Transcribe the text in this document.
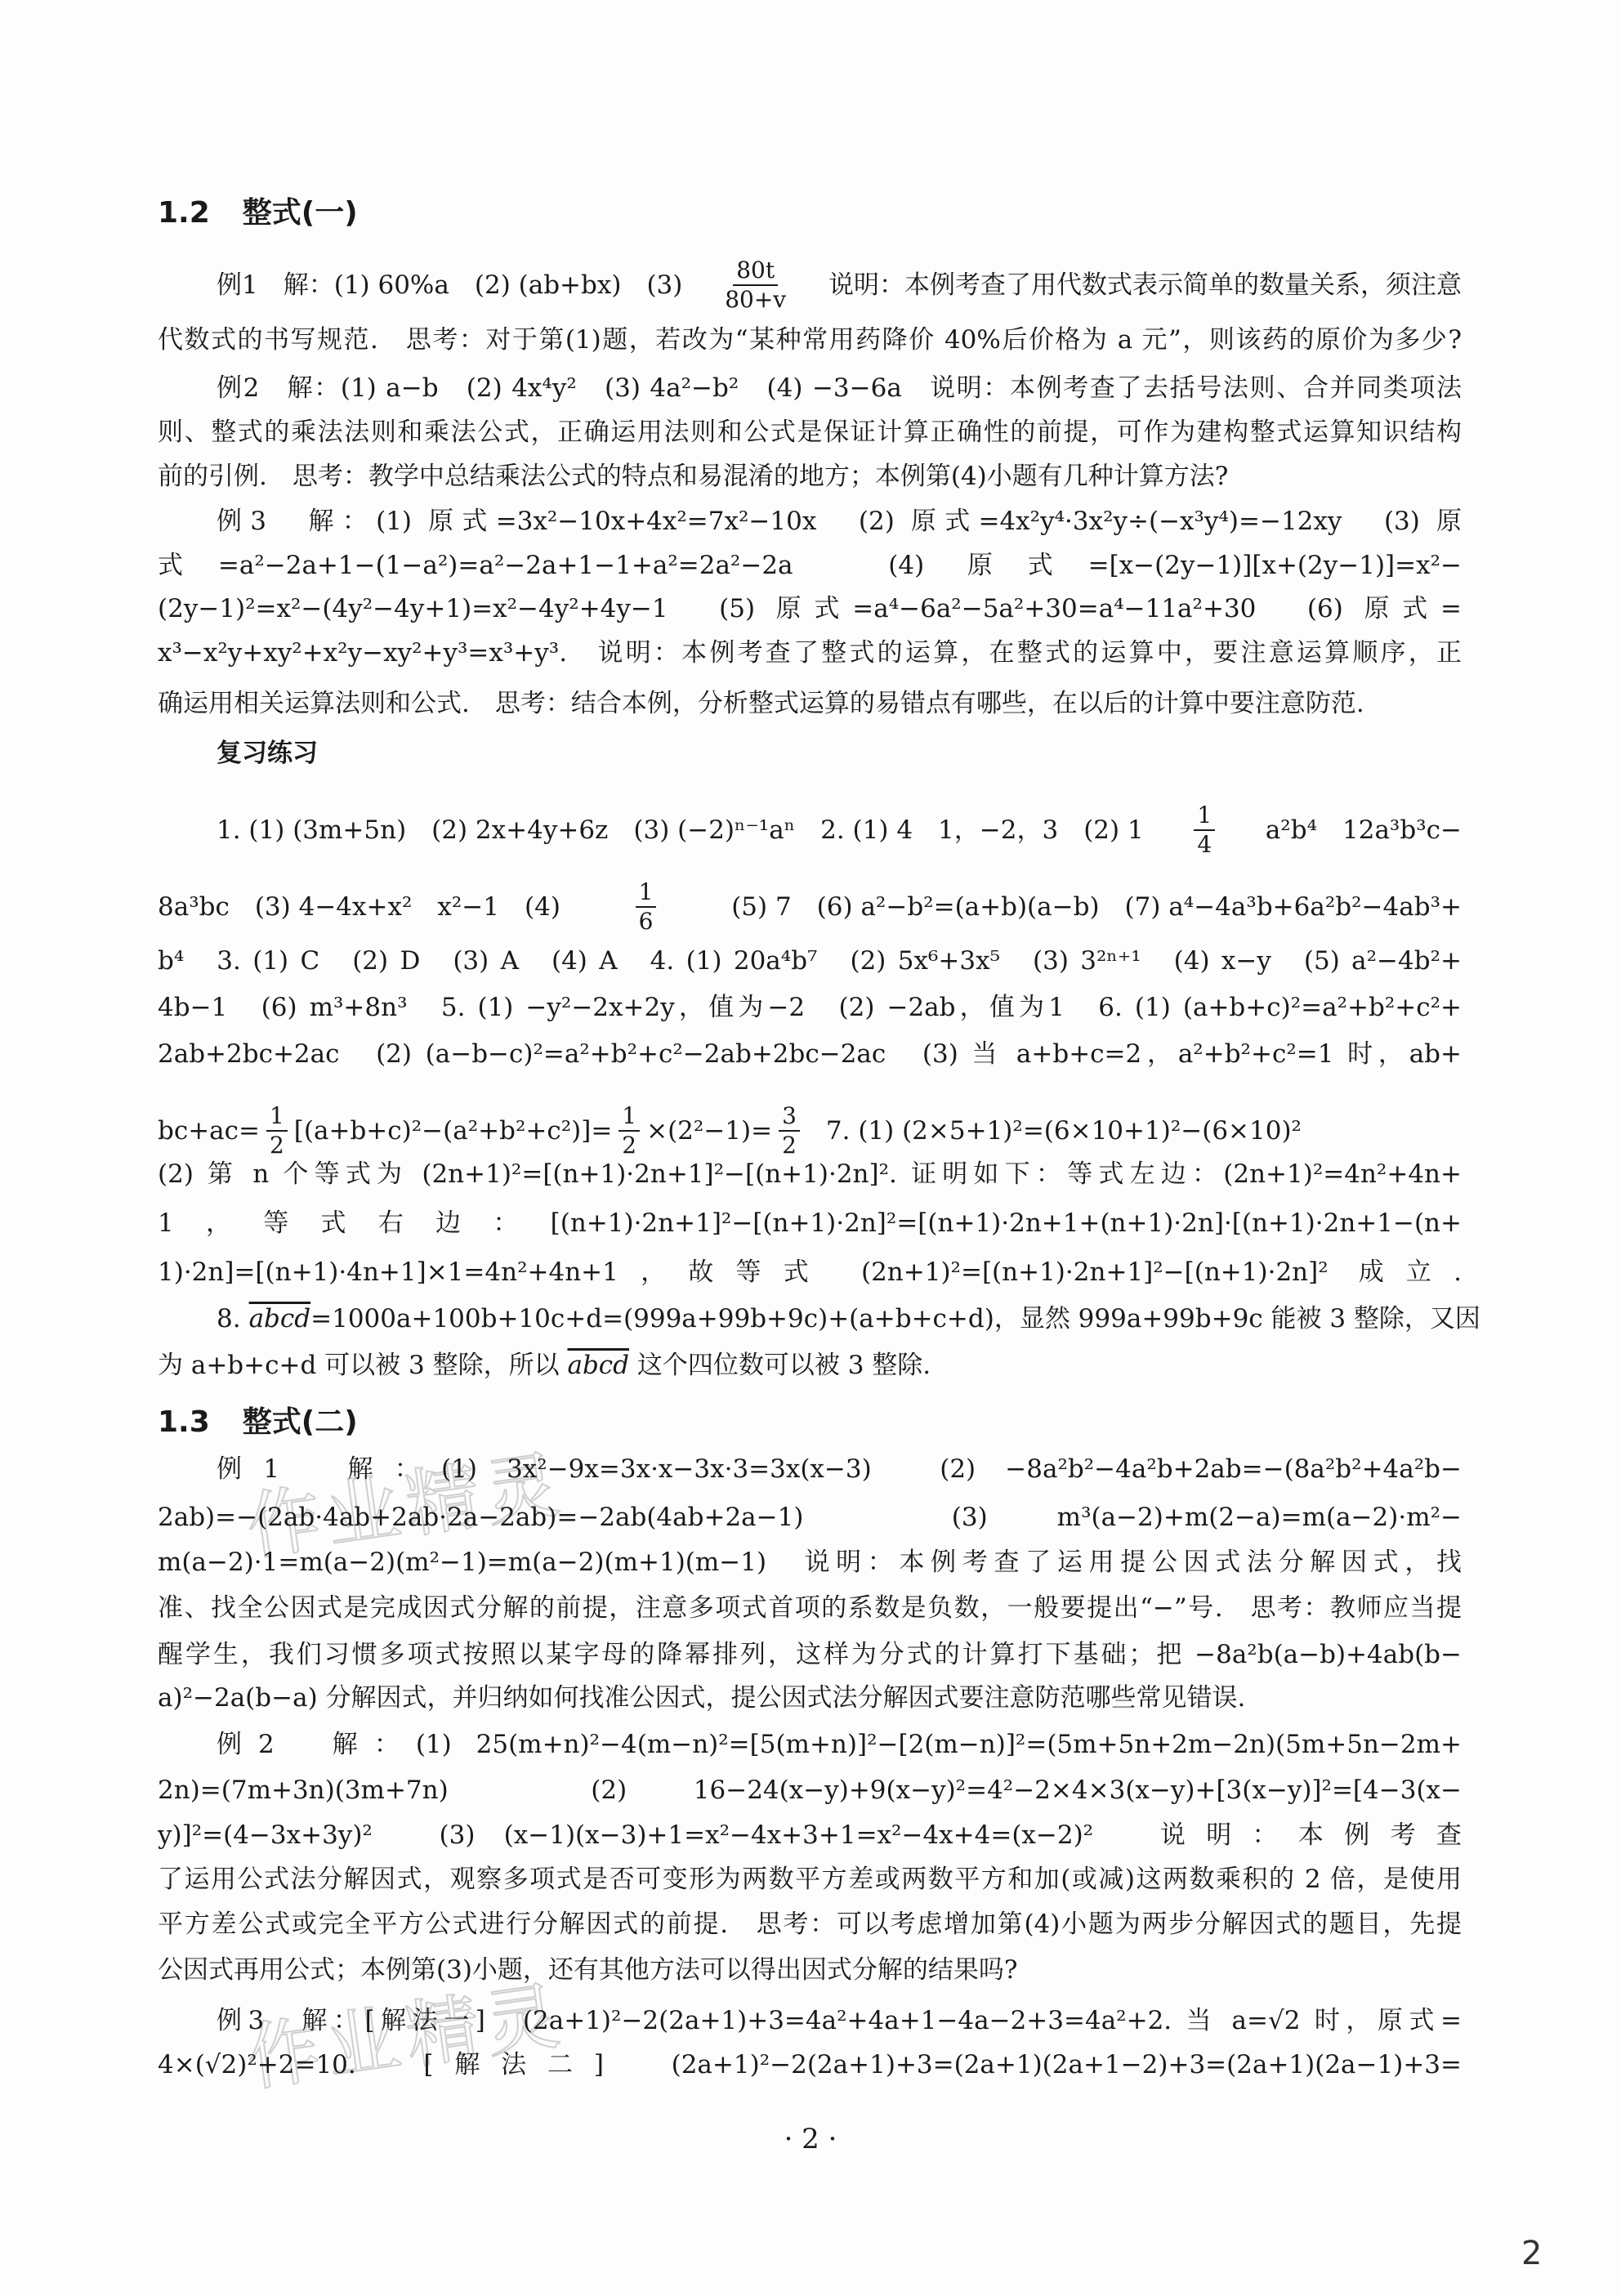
作业精灵
作业精灵
1.2 整式(一)
例1　解：(1) 60%a　(2) (ab+bx)　$(3) \frac{80t}{80+v}$ 说明：本例考查了用代数式表示简单的数量关系，须注意
代数式的书写规范.　思考：对于第(1)题，若改为“某种常用药降价 40%后价格为 a 元”，则该药的原价为多少?
例2　解：(1) a−b　(2) 4x⁴y²　(3) 4a²−b²　(4) −3−6a　说明：本例考查了去括号法则、合并同类项法
则、整式的乘法法则和乘法公式，正确运用法则和公式是保证计算正确性的前提，可作为建构整式运算知识结构
前的引例.　思考：教学中总结乘法公式的特点和易混淆的地方；本例第(4)小题有几种计算方法?
例3　解：(1) 原式=3x²−10x+4x²=7x²−10x　(2) 原式=4x²y⁴·3x²y÷(−x³y⁴)=−12xy　(3) 原
式=a²−2a+1−(1−a²)=a²−2a+1−1+a²=2a²−2a　(4) 原式=[x−(2y−1)][x+(2y−1)]=x²−
(2y−1)²=x²−(4y²−4y+1)=x²−4y²+4y−1　(5) 原式=a⁴−6a²−5a²+30=a⁴−11a²+30　(6) 原式=
x³−x²y+xy²+x²y−xy²+y³=x³+y³.　说明：本例考查了整式的运算，在整式的运算中，要注意运算顺序，正
确运用相关运算法则和公式.　思考：结合本例，分析整式运算的易错点有哪些，在以后的计算中要注意防范.
复习练习
1. (1) (3m+5n)　(2) 2x+4y+6z　(3) (−2)ⁿ⁻¹aⁿ　2. (1) 4　1，−2，3　(2) $1 \frac{1}{4} a^2b^4$　12a³b³c−
8a³bc　(3) 4−4x+x²　x²−1　(4)	$\frac{1}{6}$	(5) 7　(6) a²−b²=(a+b)(a−b)　(7) a⁴−4a³b+6a²b²−4ab³+
b⁴　3. (1) C　(2) D　(3) A　(4) A　4. (1) 20a⁴b⁷　(2) 5x⁶+3x⁵　(3) 3²ⁿ⁺¹　(4) x−y　(5) a²−4b²+
4b−1　(6) m³+8n³　5. (1) −y²−2x+2y，值为−2　(2) −2ab，值为1　6. (1) (a+b+c)²=a²+b²+c²+
2ab+2bc+2ac　(2) (a−b−c)²=a²+b²+c²−2ab+2bc−2ac　(3) 当 a+b+c=2，a²+b²+c²=1 时，ab+
$bc+ac= \frac{1}{2} [(a+b+c)^2-(a^2+b^2+c^2)]= \frac{1}{2} \times(2^2-1)= \frac{3}{2} 7$. (1) (2×5+1)²=(6×10+1)²−(6×10)²
(2) 第 n 个等式为 (2n+1)²=[(n+1)·2n+1]²−[(n+1)·2n]². 证明如下：等式左边：(2n+1)²=4n²+4n+
1，等式右边：[(n+1)·2n+1]²−[(n+1)·2n]²=[(n+1)·2n+1+(n+1)·2n]·[(n+1)·2n+1−(n+
1)·2n]=[(n+1)·4n+1]×1=4n²+4n+1，故等式 (2n+1)²=[(n+1)·2n+1]²−[(n+1)·2n]² 成立.
8. abcd =1000a+100b+10c+d=(999a+99b+9c)+(a+b+c+d)，显然 999a+99b+9c 能被 3 整除，又因
为 a+b+c+d 可以被 3 整除，所以 abcd 这个四位数可以被 3 整除.
1.3 整式(二)
例1　解：(1) 3x²−9x=3x·x−3x·3=3x(x−3)　(2) −8a²b²−4a²b+2ab=−(8a²b²+4a²b−
2ab)=−(2ab·4ab+2ab·2a−2ab)=−2ab(4ab+2a−1)　(3) m³(a−2)+m(2−a)=m(a−2)·m²−
m(a−2)·1=m(a−2)(m²−1)=m(a−2)(m+1)(m−1)　说明：本例考查了运用提公因式法分解因式，找
准、找全公因式是完成因式分解的前提，注意多项式首项的系数是负数，一般要提出“−”号.　思考：教师应当提
醒学生，我们习惯多项式按照以某字母的降幂排列，这样为分式的计算打下基础；把 −8a²b(a−b)+4ab(b−
a)²−2a(b−a) 分解因式，并归纳如何找准公因式，提公因式法分解因式要注意防范哪些常见错误.
例2　解：(1) 25(m+n)²−4(m−n)²=[5(m+n)]²−[2(m−n)]²=(5m+5n+2m−2n)(5m+5n−2m+
2n)=(7m+3n)(3m+7n)　(2) 16−24(x−y)+9(x−y)²=4²−2×4×3(x−y)+[3(x−y)]²=[4−3(x−
y)]²=(4−3x+3y)²　(3) (x−1)(x−3)+1=x²−4x+3+1=x²−4x+4=(x−2)²　说明：本例考查
了运用公式法分解因式，观察多项式是否可变形为两数平方差或两数平方和加(或减)这两数乘积的 2 倍，是使用
平方差公式或完全平方公式进行分解因式的前提.　思考：可以考虑增加第(4)小题为两步分解因式的题目，先提
公因式再用公式；本例第(3)小题，还有其他方法可以得出因式分解的结果吗?
例3　解：[解法一]　(2a+1)²−2(2a+1)+3=4a²+4a+1−4a−2+3=4a²+2. 当 a=√2 时，原式=
4×(√2)²+2=10.　[解法二]　(2a+1)²−2(2a+1)+3=(2a+1)(2a+1−2)+3=(2a+1)(2a−1)+3=
· 2 ·
2
